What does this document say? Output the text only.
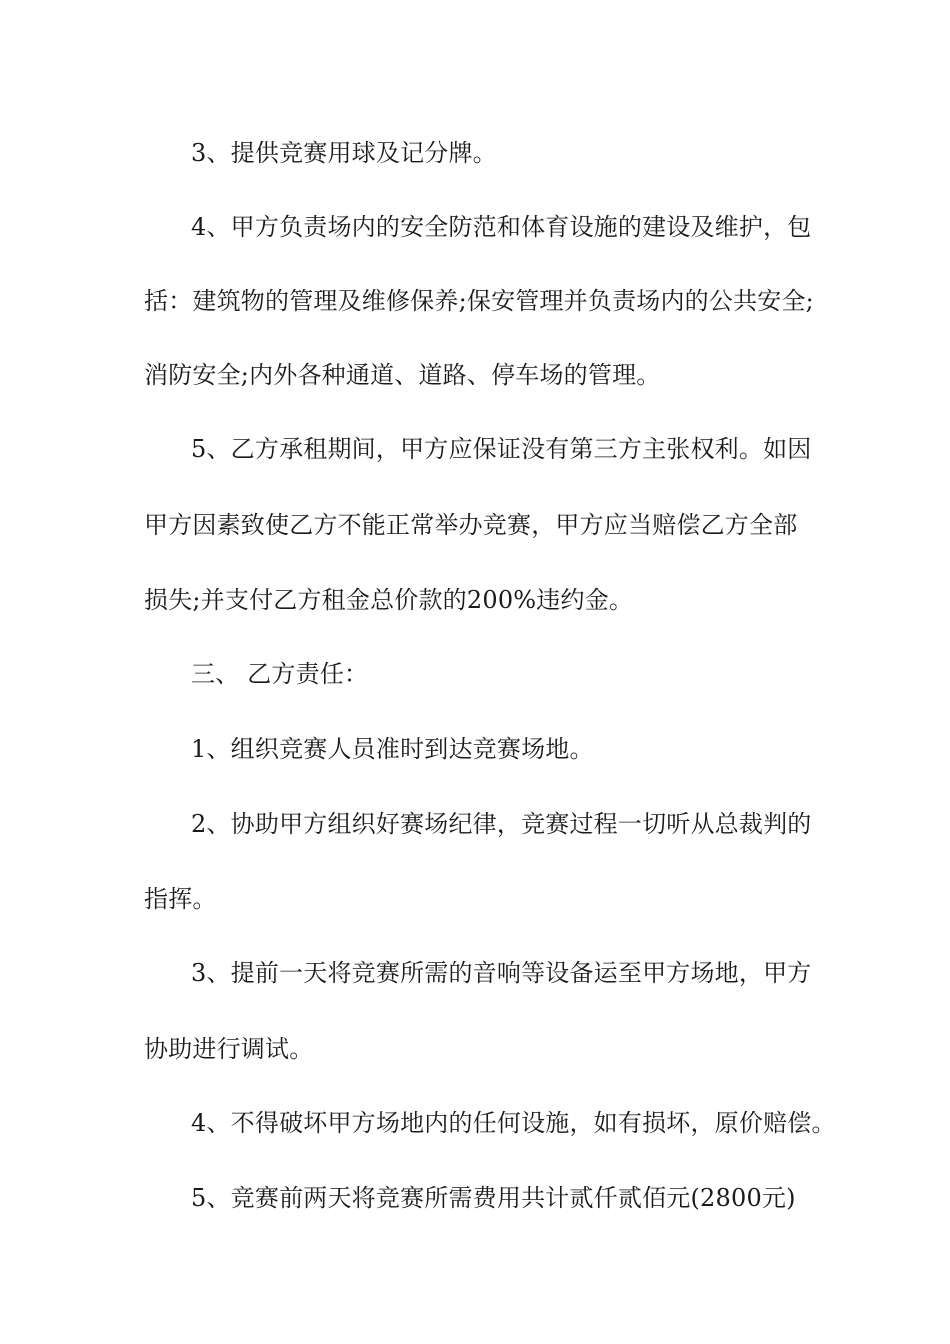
3、提供竞赛用球及记分牌。

4、甲方负责场内的安全防范和体育设施的建设及维护，包

括：建筑物的管理及维修保养;保安管理并负责场内的公共安全;

消防安全;内外各种通道、道路、停车场的管理。

5、乙方承租期间，甲方应保证没有第三方主张权利。如因

甲方因素致使乙方不能正常举办竞赛，甲方应当赔偿乙方全部

损失;并支付乙方租金总价款的200%违约金。

三、 乙方责任：

1、组织竞赛人员准时到达竞赛场地。

2、协助甲方组织好赛场纪律，竞赛过程一切听从总裁判的

指挥。

3、提前一天将竞赛所需的音响等设备运至甲方场地，甲方

协助进行调试。

4、不得破坏甲方场地内的任何设施，如有损坏，原价赔偿。

5、竞赛前两天将竞赛所需费用共计贰仟贰佰元(2800元)
